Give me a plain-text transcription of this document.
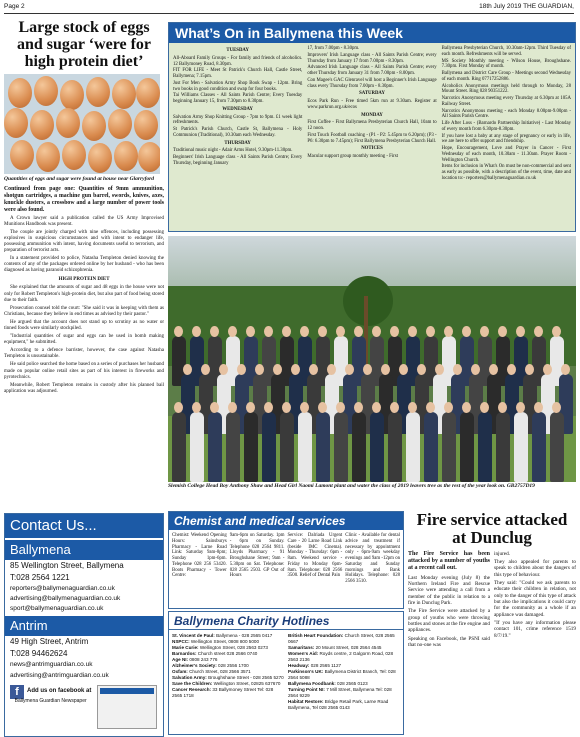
Page 2	18th July 2019 THE GUARDIAN,
Large stock of eggs and sugar ‘were for high protein diet’
Quantities of eggs and sugar were found at house near Glarryford
Continued from page one: Quantities of 9mm ammunition, shotgun cartridges, a machine gun barrel, swords, knives, axes, knuckle dusters, a crossbow and a large number of power tools were also found.

A Crown lawyer said a publication called the US Army Improvised Munitions Handbook was present.

The couple are jointly charged with nine offences, including possessing explosives in suspicious circumstances and with intent to endanger life, possessing ammunition with intent, having documents useful to terrorism, and preparation of terrorist acts.

In a statement provided to police, Natasha Templeton denied knowing the contents of any of the packages ordered online by her husband - who has been diagnosed as having paranoid schizophrenia.

HIGH PROTEIN DIET

She explained that the amounts of sugar and 48 eggs in the house were not only for Robert Templeton's high-protein diet, but also part of food being stored due to their faith.

Prosecution counsel told the court: "She said it was in keeping with them as Christians, because they believe in end times as advised by their pastor."

He argued that the account does not stand up to scrutiny as no water or tinned foods were similarly stockpiled.

"Industrial quantities of sugar and eggs can be used in bomb making equipment," he submitted.

According to a defence barrister, however, the case against Natasha Templeton is unsustainable.

He said police searched the home based on a series of purchases her husband made on popular online retail sites as part of his interest in fireworks and pyrotechnics.

Meanwhile, Robert Templeton remains in custody after his planned bail application was adjourned.

What’s On in Ballymena this Week
TUESDAY

All-Aboard Family Groups - For family and friends of alcoholics. 12 Ballymoney Road, 8.30pm.

FIT FOR LIFE - Meet St Patrick's Church Hall, Castle Street, Ballymena; 7.15pm.

Just For Men - Salvation Army Shop Book Swap - 12pm. Bring two books in good condition and swap for four books.

Tai Williams Classes - All Saints Parish Centre; Every Tuesday beginning January 15, from 7.30pm to 8.30pm.

WEDNESDAY

Salvation Army Shop Knitting Group - 7pm to 9pm. £1 week light refreshments.

St Patrick's Parish Church, Castle St, Ballymena - Holy Communion (Traditional), 10.30am each Wednesday.

THURSDAY

Traditional music night - Adair Arms Hotel, 9.30pm-11.30pm.

Beginners' Irish Language class - All Saints Parish Centre; Every Thursday, beginning January

17, from 7.00pm - 8.30pm.

Improvers' Irish Language class - All Saints Parish Centre; every Thursday from January 17 from 7.00pm - 8.30pm.

Advanced Irish Language class - All Saints Parish Centre; every other Thursday from January 31 from 7.00pm - 8.00pm.

Con Magee's GAC Glenravel will host a Beginner's Irish Language class every Thursday from 7.00pm - 8.30pm.

SATURDAY

Ecos Park Run - Free timed 5km run at 9.30am. Register at www.parkrun.org.uk/ecos

MONDAY

First Coffee - First Ballymena Presbyterian Church Hall, 10am to 12 noon.

First Touch Football coaching - (P1 - P2: 5.45pm to 6.20pm); (P3 - P6: 6.30pm to 7.45pm); First Ballymena Presbyterian Church Hall.

NOTICES

Macular support group monthly meeting - First

Ballymena Presbyterian Church, 10.30am-12pm. Third Tuesday of each month. Refreshments will be served.

MS Society Monthly meeting - Wilson House, Broughshane. 7.30pm. First Monday of month.

Ballymena and District Care Group - Meetings second Wednesday of each month. Ring 07717252886.

Alcoholics Anonymous meetings held through to Monday, 28 Mount Street. Ring 028 90351222.

Narcotics Anonymous meeting every Thursday at 6.30pm at 105A Railway Street.

Narcotics Anonymous meeting - each Monday 8.00pm-9.00pm - All Saints Parish Centre.

Life After Loss - (Barnardo Partnership Initiative) - Last Monday of every month from 6.30pm-8.30pm.

If you have lost a baby at any stage of pregnancy or early in life, we are here to offer support and friendship.

Hope, Encouragement, Love and Prayer in Cancer - First Wednesday of each month, 10.30am - 11.30am. Prayer Room - Wellington Church.

Items for inclusion in What's On must be non-commercial and sent as early as possible, with a description of the event, time, date and location to:- reporters@ballymenaguardian.co.uk

Slemish College Head Boy Anthony Shaw and Head Girl Naomi Lamont plant and water the class of 2019 leavers tree as the rest of the year look on. GB2757D19
Contact Us...
Ballymena
85 Wellington Street, Ballymena
T:028 2564 1221
reporters@ballymenaguardian.co.uk
advertising@ballymenaguardian.co.uk
sport@ballymenaguardian.co.uk
Antrim
49 High Street, Antrim
T:028 94462624
news@antrimguardian.co.uk
advertising@antrimguardian.co.uk
f	Add us on facebook at
Ballymena Guardian Newspaper
Chemist and medical services

Chemist: Weekend Opening Hours: Sainsburys Pharmacy - Larne Road Link: Saturday 9am-8pm; Sunday 1pm-6pm. Telephone 028 256 53420. Boots Pharmacy - Tower Centre:

9am-6pm on Saturday. 1pm - 6pm on Sunday. Telephone 028 2564 9811. Lloyds Pharmacy - 91 Broughshane Street; 9am - 5.30pm on Sat. Telephone: 028 2565 2503. GP Out of Hours

Service: Dalriada Urgent Care - 20 Larne Road Link (beside IMC Cinema). Monday - Thursday: 6pm - 8am. Weekend service - Friday to Monday 6pm-8am. Telephone: 028 2566 3500. Relief of Dental Pain

Clinic - Available for dental advice and treatment if necessary by appointment only - 6pm-9am weekday evenings and 9am -12pm on Saturday and Sunday mornings and Bank Holidays. Telephone: 028 2566 3510.

Ballymena Charity Hotlines
St. Vincent de Paul: Ballymena - 028 2565 0417
NSPCC: Wellington Street, 0808 800 5000
Marie Curie: Wellington Street, 028 2563 0273
Barnardos: Church street 028 2566 0740
Age NI: 0808 243 776
Alzheimer's Society: 028 2556 1700
Oxfam: Church Street, 028 2566 3571
Salvation Army: Broughshane Street - 028 2565 5270
Save the Children: Wellington Street, 02825 637670
Cancer Research: 33 Ballymoney Street Tel: 028 2565 1718
British Heart Foundation: Church Street, 028 2565 0667
Samaritans: 20 Mount Street, 028 2564 4545
Women's Aid: Royds centre, 2 Galgorm Road, 028 2563 2136
Headway: 028 2565 1127
Parkinson's UK: Ballymena District Branch, Tel: 028 2564 5088
Ballymena Foodbank: 028 2565 0123
Turning Point NI: 7 Mill Street, Ballymena Tel: 028 2564 9229
Habitat Restore: Bridge Retail Park, Larne Road Ballymena, Tel 028 2565 0143
Fire service attacked at Dunclug

The Fire Service has been attacked by a number of youths at a recent call out.

Last Monday evening (July 8) the Northern Ireland Fire and Rescue Service were attending a call from a member of the public in relation to a fire in Dunclug Park.

The Fire Service were attacked by a group of youths who were throwing bottles and stones at the fire engine and appliances.

Speaking on Facebook, the PSNI said that no-one was

injured.

They also appealed for parents to speak to children about the dangers of this type of behaviour.

They said: "Could we ask parents to educate their children in relation, not only to the danger of this type of attack but also the implications it could carry for the community as a whole if an appliance was damaged.

"If you have any information please contact 101, crime reference 1519 8/7/19."
